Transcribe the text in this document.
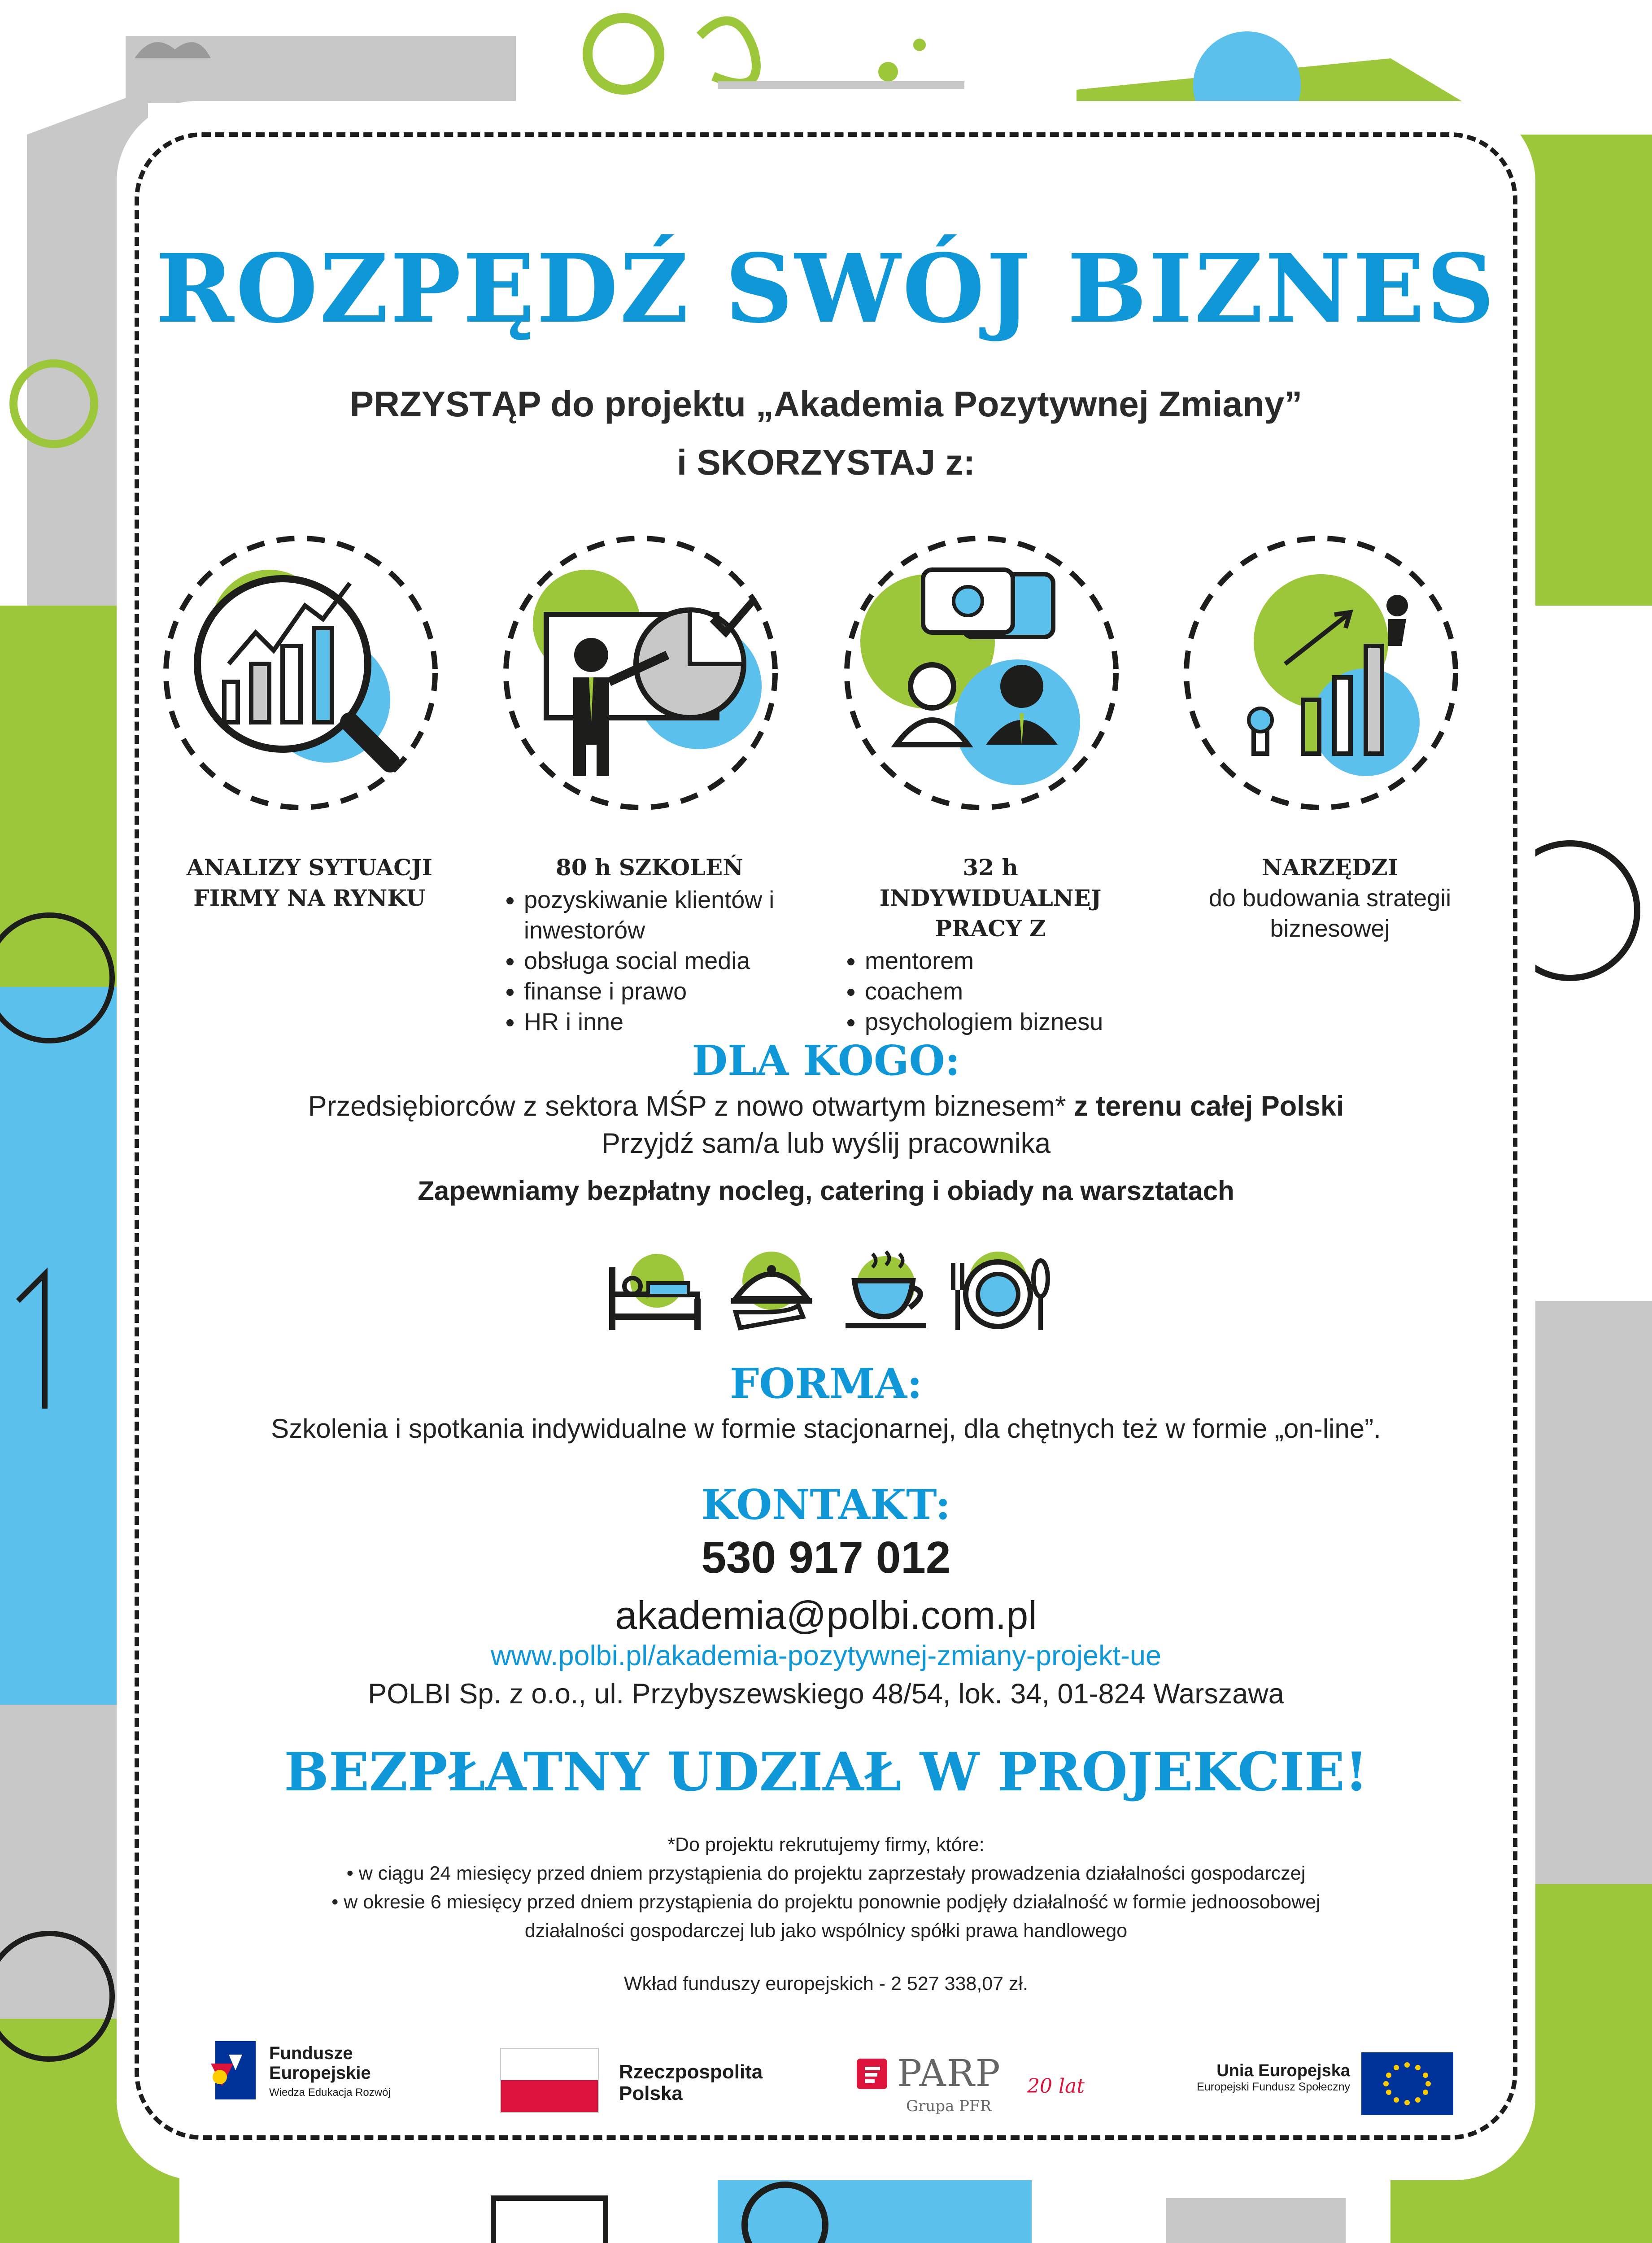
ROZPĘDŹ SWÓJ BIZNES
PRZYSTĄP do projektu „Akademia Pozytywnej Zmiany”
i SKORZYSTAJ z:
ANALIZY SYTUACJI FIRMY NA RYNKU
80 h SZKOLEŃ
• pozyskiwanie klientów i inwestorów
• obsługa social media
• finanse i prawo
• HR i inne
32 h INDYWIDUALNEJ PRACY Z
• mentorem
• coachem
• psychologiem biznesu
NARZĘDZI
do budowania strategii biznesowej
DLA KOGO:
Przedsiębiorców z sektora MŚP z nowo otwartym biznesem* z terenu całej Polski
Przyjdź sam/a lub wyślij pracownika
Zapewniamy bezpłatny nocleg, catering i obiady na warsztatach
FORMA:
Szkolenia i spotkania indywidualne w formie stacjonarnej, dla chętnych też w formie „on-line”.
KONTAKT:
530 917 012
akademia@polbi.com.pl
www.polbi.pl/akademia-pozytywnej-zmiany-projekt-ue
POLBI Sp. z o.o., ul. Przybyszewskiego 48/54, lok. 34, 01-824 Warszawa
BEZPŁATNY UDZIAŁ W PROJEKCIE!
*Do projektu rekrutujemy firmy, które:
• w ciągu 24 miesięcy przed dniem przystąpienia do projektu zaprzestały prowadzenia działalności gospodarczej
• w okresie 6 miesięcy przed dniem przystąpienia do projektu ponownie podjęły działalność w formie jednoosobowej
działalności gospodarczej lub jako wspólnicy spółki prawa handlowego
Wkład funduszy europejskich - 2 527 338,07 zł.
Fundusze
Europejskie
Wiedza Edukacja Rozwój
Rzeczpospolita
Polska	PARP 20 lat
Grupa PFR
Unia Europejska
Europejski Fundusz Społeczny
